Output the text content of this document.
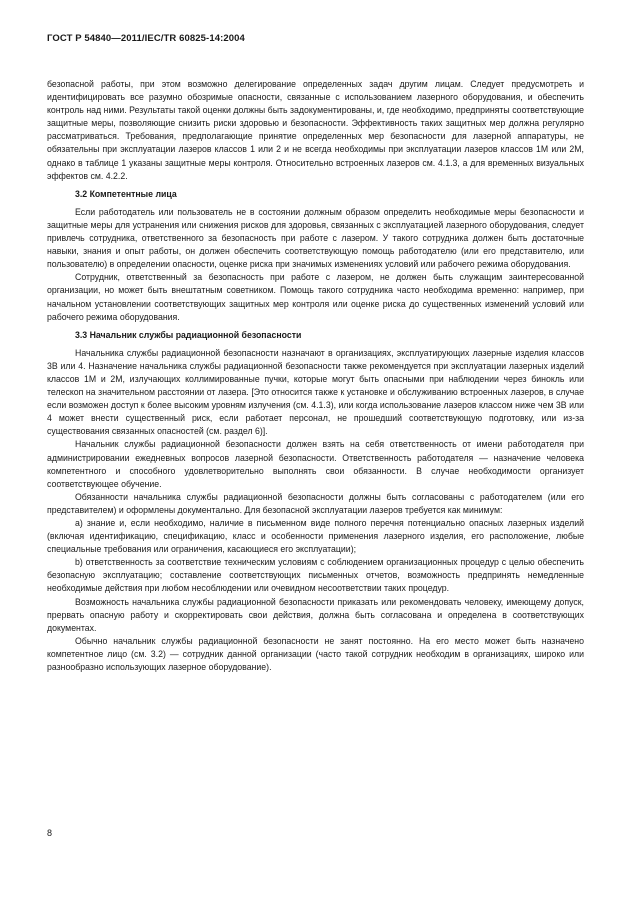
ГОСТ Р 54840—2011/IEC/TR 60825-14:2004

безопасной работы, при этом возможно делегирование определенных задач другим лицам. Следует предусмотреть и идентифицировать все разумно обозримые опасности, связанные с использованием лазерного оборудования, и обеспечить контроль над ними. Результаты такой оценки должны быть задокументированы, и, где необходимо, предприняты соответствующие защитные меры, позволяющие снизить риски здоровью и безопасности. Эффективность таких защитных мер должна регулярно рассматриваться. Требования, предполагающие принятие определенных мер безопасности для лазерной аппаратуры, не обязательны при эксплуатации лазеров классов 1 или 2 и не всегда необходимы при эксплуатации лазеров классов 1М или 2М, однако в таблице 1 указаны защитные меры контроля. Относительно встроенных лазеров см. 4.1.3, а для временных визуальных эффектов см. 4.2.2.

3.2 Компетентные лица

Если работодатель или пользователь не в состоянии должным образом определить необходимые меры безопасности и защитные меры для устранения или снижения рисков для здоровья, связанных с эксплуатацией лазерного оборудования, следует привлечь сотрудника, ответственного за безопасность при работе с лазером. У такого сотрудника должен быть достаточные навыки, знания и опыт работы, он должен обеспечить соответствующую помощь работодателю (или его представителю, или пользователю) в определении опасности, оценке риска при значимых изменениях условий или рабочего режима оборудования.

Сотрудник, ответственный за безопасность при работе с лазером, не должен быть служащим заинтересованной организации, но может быть внештатным советником. Помощь такого сотрудника часто необходима временно: например, при начальном установлении соответствующих защитных мер контроля или оценке риска до существенных изменений условий или рабочего режима оборудования.

3.3 Начальник службы радиационной безопасности

Начальника службы радиационной безопасности назначают в организациях, эксплуатирующих лазерные изделия классов 3В или 4. Назначение начальника службы радиационной безопасности также рекомендуется при эксплуатации лазерных изделий классов 1М и 2М, излучающих коллимированные пучки, которые могут быть опасными при наблюдении через бинокль или телескоп на значительном расстоянии от лазера. [Это относится также к установке и обслуживанию встроенных лазеров, в случае если возможен доступ к более высоким уровням излучения (см. 4.1.3), или когда использование лазеров классом ниже чем 3В или 4 может внести существенный риск, если работает персонал, не прошедший соответствующую подготовку, или из-за существования связанных опасностей (см. раздел 6)].

Начальник службы радиационной безопасности должен взять на себя ответственность от имени работодателя при администрировании ежедневных вопросов лазерной безопасности. Ответственность работодателя — назначение человека компетентного и способного удовлетворительно выполнять свои обязанности. В случае необходимости организует соответствующее обучение.

Обязанности начальника службы радиационной безопасности должны быть согласованы с работодателем (или его представителем) и оформлены документально. Для безопасной эксплуатации лазеров требуется как минимум:

а) знание и, если необходимо, наличие в письменном виде полного перечня потенциально опасных лазерных изделий (включая идентификацию, спецификацию, класс и особенности применения лазерного изделия, его расположение, любые специальные требования или ограничения, касающиеся его эксплуатации);

b) ответственность за соответствие техническим условиям с соблюдением организационных процедур с целью обеспечить безопасную эксплуатацию; составление соответствующих письменных отчетов, возможность предпринять немедленные необходимые действия при любом несоблюдении или очевидном несоответствии таких процедур.

Возможность начальника службы радиационной безопасности приказать или рекомендовать человеку, имеющему допуск, прервать опасную работу и скорректировать свои действия, должна быть согласована и определена в соответствующих документах.

Обычно начальник службы радиационной безопасности не занят постоянно. На его место может быть назначено компетентное лицо (см. 3.2) — сотрудник данной организации (часто такой сотрудник необходим в организациях, широко или разнообразно использующих лазерное оборудование).

8
